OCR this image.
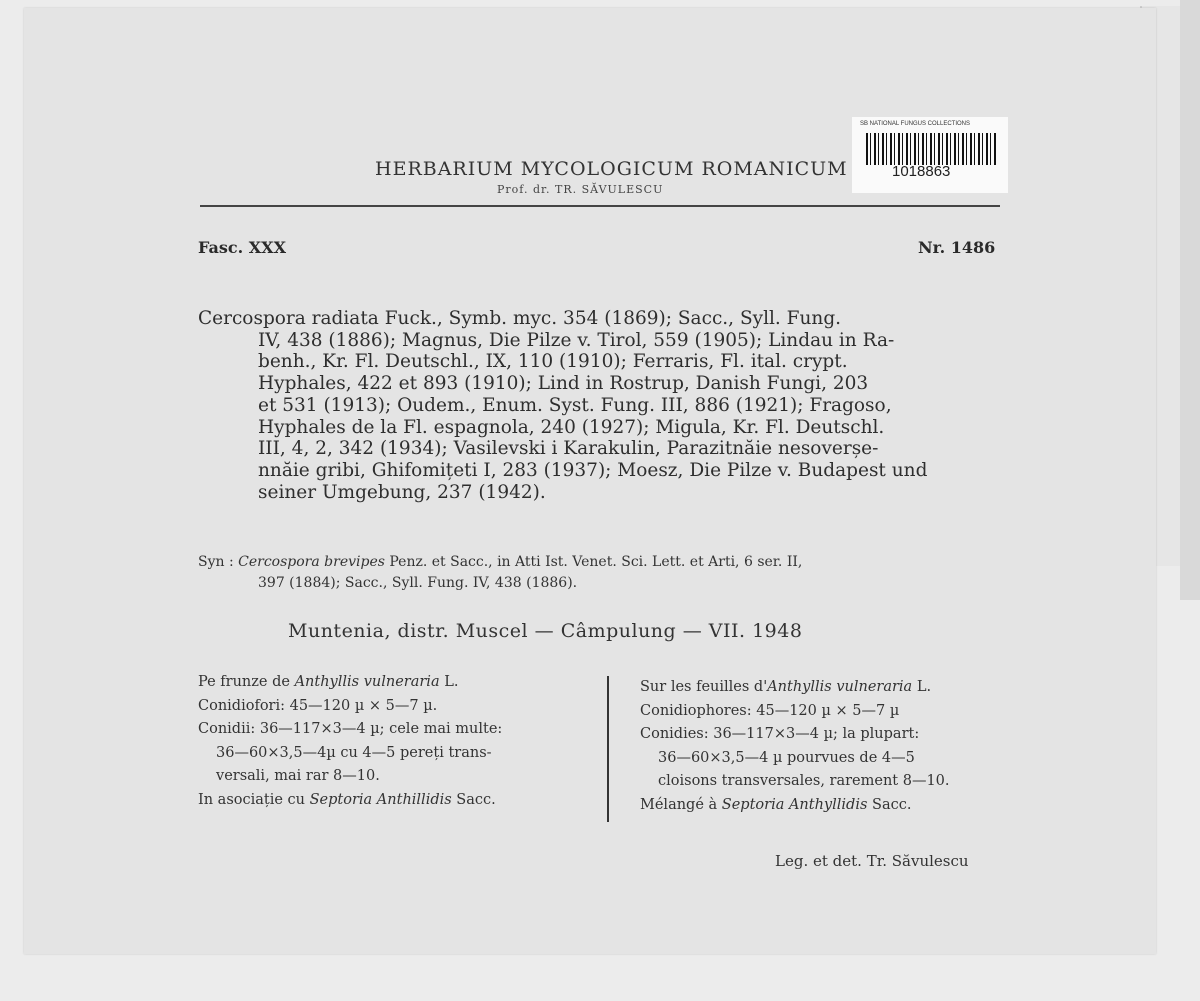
SB NATIONAL FUNGUS COLLECTIONS
1018863
HERBARIUM MYCOLOGICUM ROMANICUM
Prof. dr. TR. SĂVULESCU
Fasc. XXX	Nr. 1486
Cercospora radiata Fuck., Symb. myc. 354 (1869); Sacc., Syll. Fung.
IV, 438 (1886); Magnus, Die Pilze v. Tirol, 559 (1905); Lindau in Ra-
benh., Kr. Fl. Deutschl., IX, 110 (1910); Ferraris, Fl. ital. crypt.
Hyphales, 422 et 893 (1910); Lind in Rostrup, Danish Fungi, 203
et 531 (1913); Oudem., Enum. Syst. Fung. III, 886 (1921); Fragoso,
Hyphales de la Fl. espagnola, 240 (1927); Migula, Kr. Fl. Deutschl.
III, 4, 2, 342 (1934); Vasilevski i Karakulin, Parazitnăie nesoverșe-
nnăie gribi, Ghifomițeti I, 283 (1937); Moesz, Die Pilze v. Budapest und
seiner Umgebung, 237 (1942).
Syn : Cercospora brevipes Penz. et Sacc., in Atti Ist. Venet. Sci. Lett. et Arti, 6 ser. II,
397 (1884); Sacc., Syll. Fung. IV, 438 (1886).
Muntenia, distr. Muscel — Câmpulung — VII. 1948
Pe frunze de Anthyllis vulneraria L.
Conidiofori: 45—120 µ × 5—7 µ.
Conidii: 36—117×3—4 µ; cele mai multe:
36—60×3,5—4µ cu 4—5 pereți trans-
versali, mai rar 8—10.
In asociație cu Septoria Anthillidis Sacc.
Sur les feuilles d'Anthyllis vulneraria L.
Conidiophores: 45—120 µ × 5—7 µ
Conidies: 36—117×3—4 µ; la plupart:
36—60×3,5—4 µ pourvues de 4—5
cloisons transversales, rarement 8—10.
Mélangé à Septoria Anthyllidis Sacc.
Leg. et det. Tr. Săvulescu
